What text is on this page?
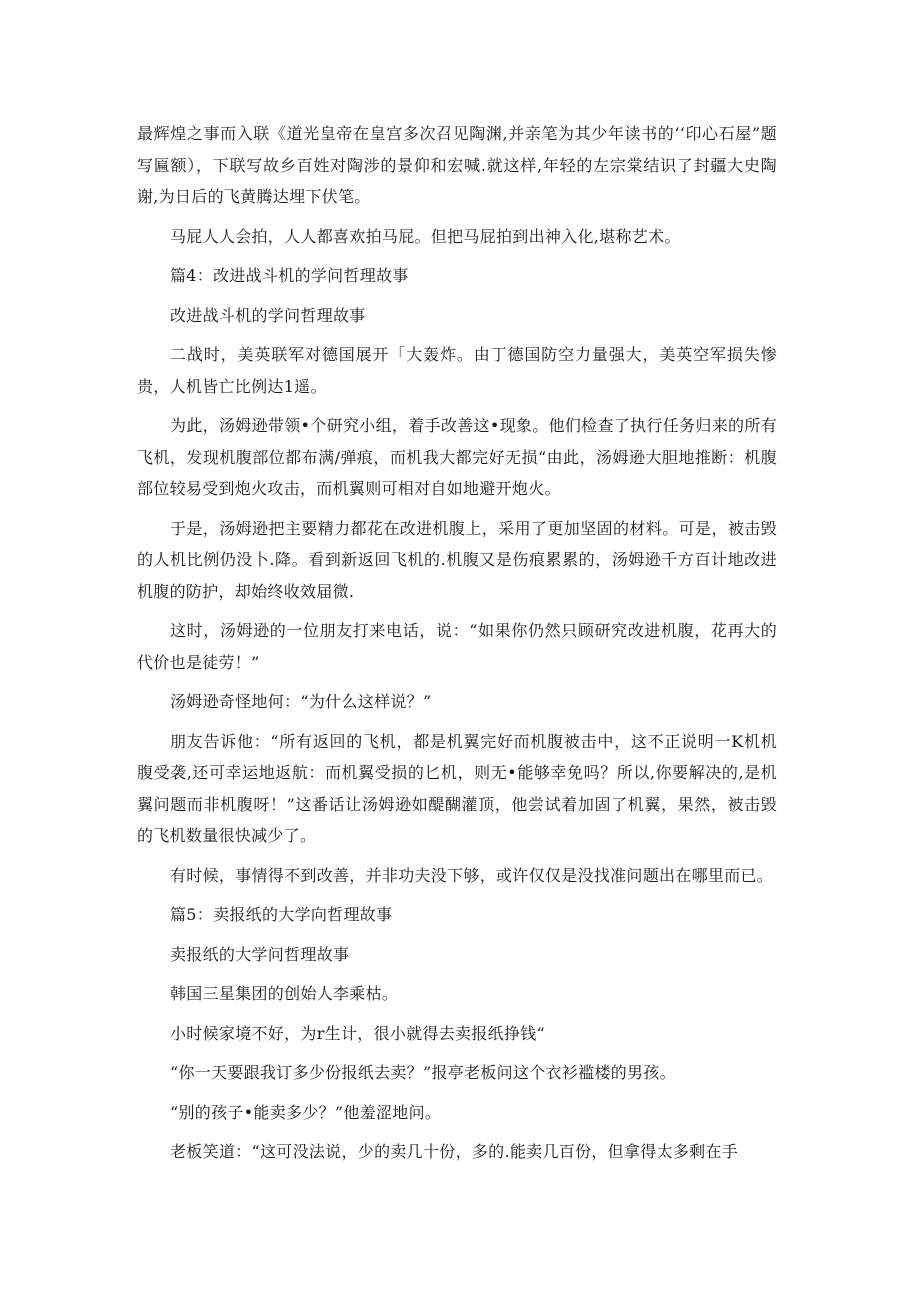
最辉煌之事而入联《道光皇帝在皇宫多次召见陶渊,并亲笔为其少年读书的‘‘印心石屋”题写匾额），下联写故乡百姓对陶涉的景仰和宏喊.就这样,年轻的左宗棠结识了封疆大史陶谢,为日后的飞黄腾达埋下伏笔。

马屁人人会拍，人人都喜欢拍马屁。但把马屁拍到出神入化,堪称艺术。

篇4：改进战斗机的学问哲理故事

改进战斗机的学问哲理故事

二战时，美英联军对德国展开「大轰炸。由丁德国防空力量强大，美英空军损失惨贵，人机皆亡比例达1遥。

为此，汤姆逊带领•个研究小组，着手改善这•现象。他们检查了执行任务归来的所有飞机，发现机腹部位都布满/弹痕，而机我大都完好无损“由此，汤姆逊大胆地推断：机腹部位较易受到炮火攻击，而机翼则可相对自如地避开炮火。

于是，汤姆逊把主要精力都花在改进机腹上，采用了更加坚固的材料。可是，被击毁的人机比例仍没卜.降。看到新返回飞机的.机腹又是伤痕累累的，汤姆逊千方百计地改进机腹的防护，却始终收效届微.

这时，汤姆逊的一位朋友打来电话，说：“如果你仍然只顾研究改进机腹，花再大的代价也是徒劳！”

汤姆逊奇怪地何：“为什么这样说？”

朋友告诉他：“所有返回的飞机，都是机翼完好而机腹被击中，这不正说明一K机机腹受袭,还可幸运地返航：而机翼受损的匕机，则无•能够幸免吗？所以,你要解决的,是机翼问题而非机腹呀！”这番话让汤姆逊如醍醐灌顶，他尝试着加固了机翼，果然，被击毁的飞机数量很快减少了。

有时候，事情得不到改善，并非功夫没下够，或许仅仅是没找准问题出在哪里而已。

篇5：卖报纸的大学向哲理故事

卖报纸的大学问哲理故事

韩国三星集团的创始人李乘枯。

小时候家境不好，为r生计，很小就得去卖报纸挣钱“

“你一天要跟我订多少份报纸去卖？”报亭老板问这个衣衫褴楼的男孩。

“别的孩子•能卖多少？”他羞涩地问。

老板笑道：“这可没法说，少的卖几十份，多的.能卖几百份，但拿得太多剩在手
